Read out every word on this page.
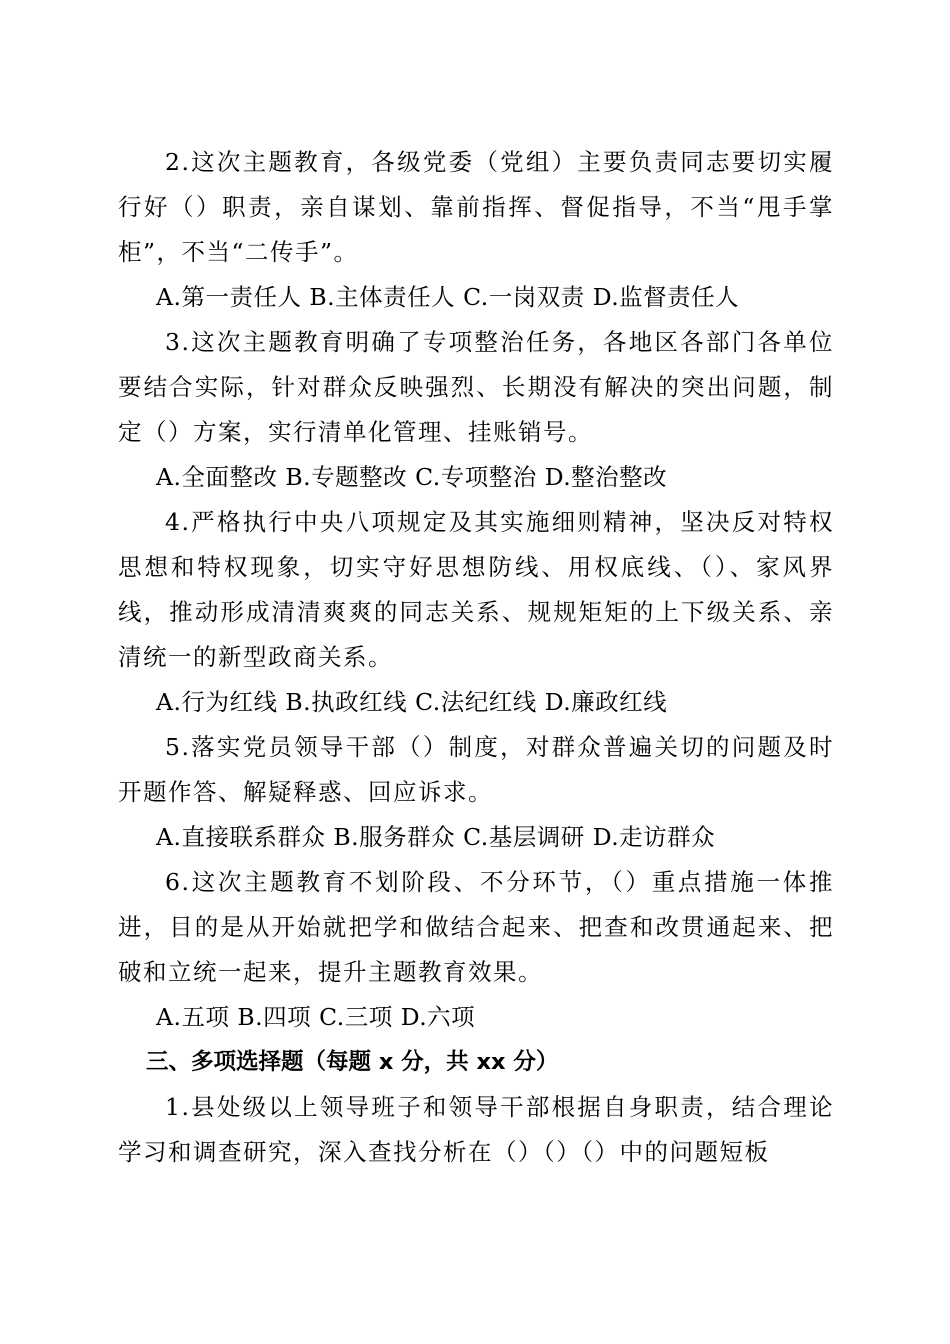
2.这次主题教育，各级党委（党组）主要负责同志要切实履行好（）职责，亲自谋划、靠前指挥、督促指导，不当“甩手掌柜”，不当“二传手”。

A.第一责任人 B.主体责任人 C.一岗双责 D.监督责任人

3.这次主题教育明确了专项整治任务，各地区各部门各单位要结合实际，针对群众反映强烈、长期没有解决的突出问题，制定（）方案，实行清单化管理、挂账销号。

A.全面整改 B.专题整改 C.专项整治 D.整治整改

4.严格执行中央八项规定及其实施细则精神，坚决反对特权思想和特权现象，切实守好思想防线、用权底线、（）、家风界线，推动形成清清爽爽的同志关系、规规矩矩的上下级关系、亲清统一的新型政商关系。

A.行为红线 B.执政红线 C.法纪红线 D.廉政红线

5.落实党员领导干部（）制度，对群众普遍关切的问题及时开题作答、解疑释惑、回应诉求。

A.直接联系群众 B.服务群众 C.基层调研 D.走访群众

6.这次主题教育不划阶段、不分环节，（）重点措施一体推进，目的是从开始就把学和做结合起来、把查和改贯通起来、把破和立统一起来，提升主题教育效果。

A.五项 B.四项 C.三项 D.六项

三、多项选择题（每题 x 分，共 xx 分）

1.县处级以上领导班子和领导干部根据自身职责，结合理论学习和调查研究，深入查找分析在（）（）（）中的问题短板
